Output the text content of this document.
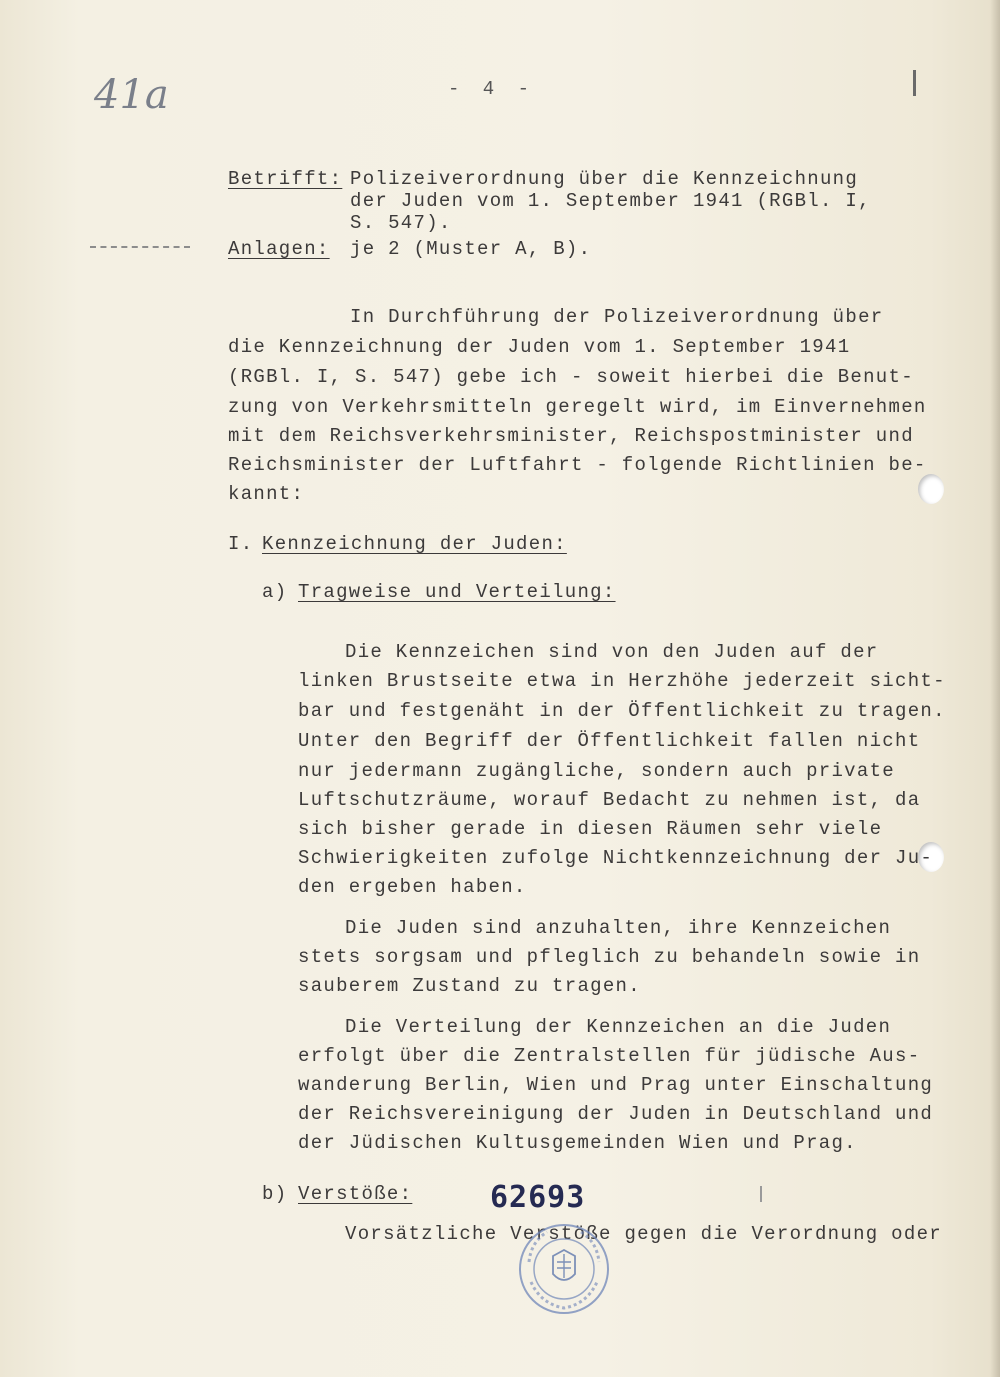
41a	- 4 -
Betrifft: Polizeiverordnung über die Kennzeichnung
der Juden vom 1. September 1941 (RGBl. I,
S. 547).
Anlagen: je 2 (Muster A, B).
In Durchführung der Polizeiverordnung über
die Kennzeichnung der Juden vom 1. September 1941
(RGBl. I, S. 547) gebe ich - soweit hierbei die Benut-
zung von Verkehrsmitteln geregelt wird, im Einvernehmen
mit dem Reichsverkehrsminister, Reichspostminister und
Reichsminister der Luftfahrt - folgende Richtlinien be-
kannt:
I. Kennzeichnung der Juden:
a) Tragweise und Verteilung:
Die Kennzeichen sind von den Juden auf der
linken Brustseite etwa in Herzhöhe jederzeit sicht-
bar und festgenäht in der Öffentlichkeit zu tragen.
Unter den Begriff der Öffentlichkeit fallen nicht
nur jedermann zugängliche, sondern auch private
Luftschutzräume, worauf Bedacht zu nehmen ist, da
sich bisher gerade in diesen Räumen sehr viele
Schwierigkeiten zufolge Nichtkennzeichnung der Ju-
den ergeben haben.
Die Juden sind anzuhalten, ihre Kennzeichen
stets sorgsam und pfleglich zu behandeln sowie in
sauberem Zustand zu tragen.
Die Verteilung der Kennzeichen an die Juden
erfolgt über die Zentralstellen für jüdische Aus-
wanderung Berlin, Wien und Prag unter Einschaltung
der Reichsvereinigung der Juden in Deutschland und
der Jüdischen Kultusgemeinden Wien und Prag.
b) Verstöße:	62693
Vorsätzliche Verstöße gegen die Verordnung oder
